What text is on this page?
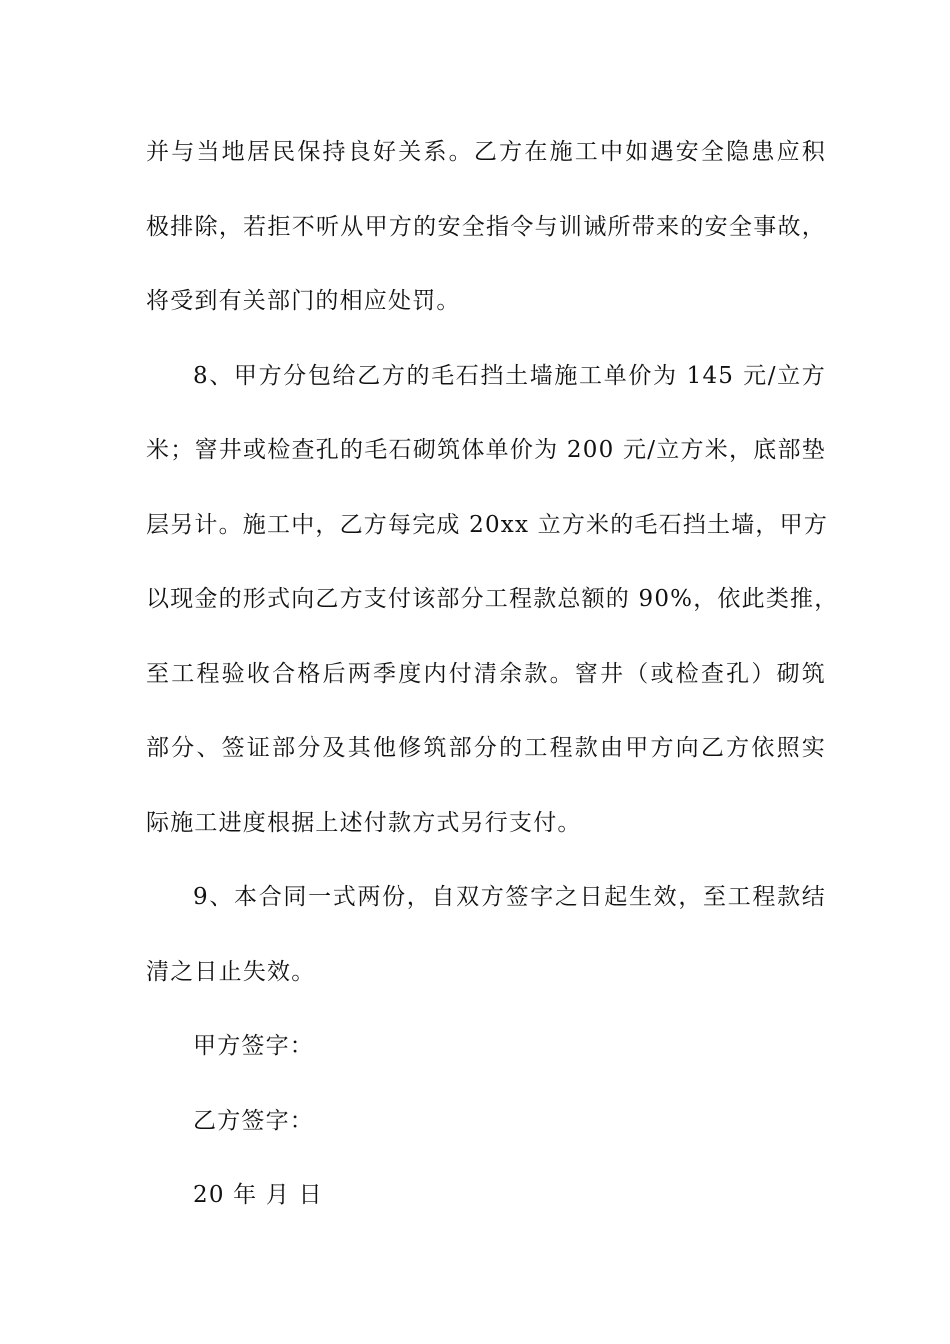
并与当地居民保持良好关系。乙方在施工中如遇安全隐患应积
极排除，若拒不听从甲方的安全指令与训诫所带来的安全事故，
将受到有关部门的相应处罚。
8、甲方分包给乙方的毛石挡土墙施工单价为 145 元/立方
米；窨井或检查孔的毛石砌筑体单价为 200 元/立方米，底部垫
层另计。施工中，乙方每完成 20xx 立方米的毛石挡土墙，甲方
以现金的形式向乙方支付该部分工程款总额的 90%，依此类推，
至工程验收合格后两季度内付清余款。窨井（或检查孔）砌筑
部分、签证部分及其他修筑部分的工程款由甲方向乙方依照实
际施工进度根据上述付款方式另行支付。
9、本合同一式两份，自双方签字之日起生效，至工程款结
清之日止失效。
甲方签字：
乙方签字：
20 年 月 日
